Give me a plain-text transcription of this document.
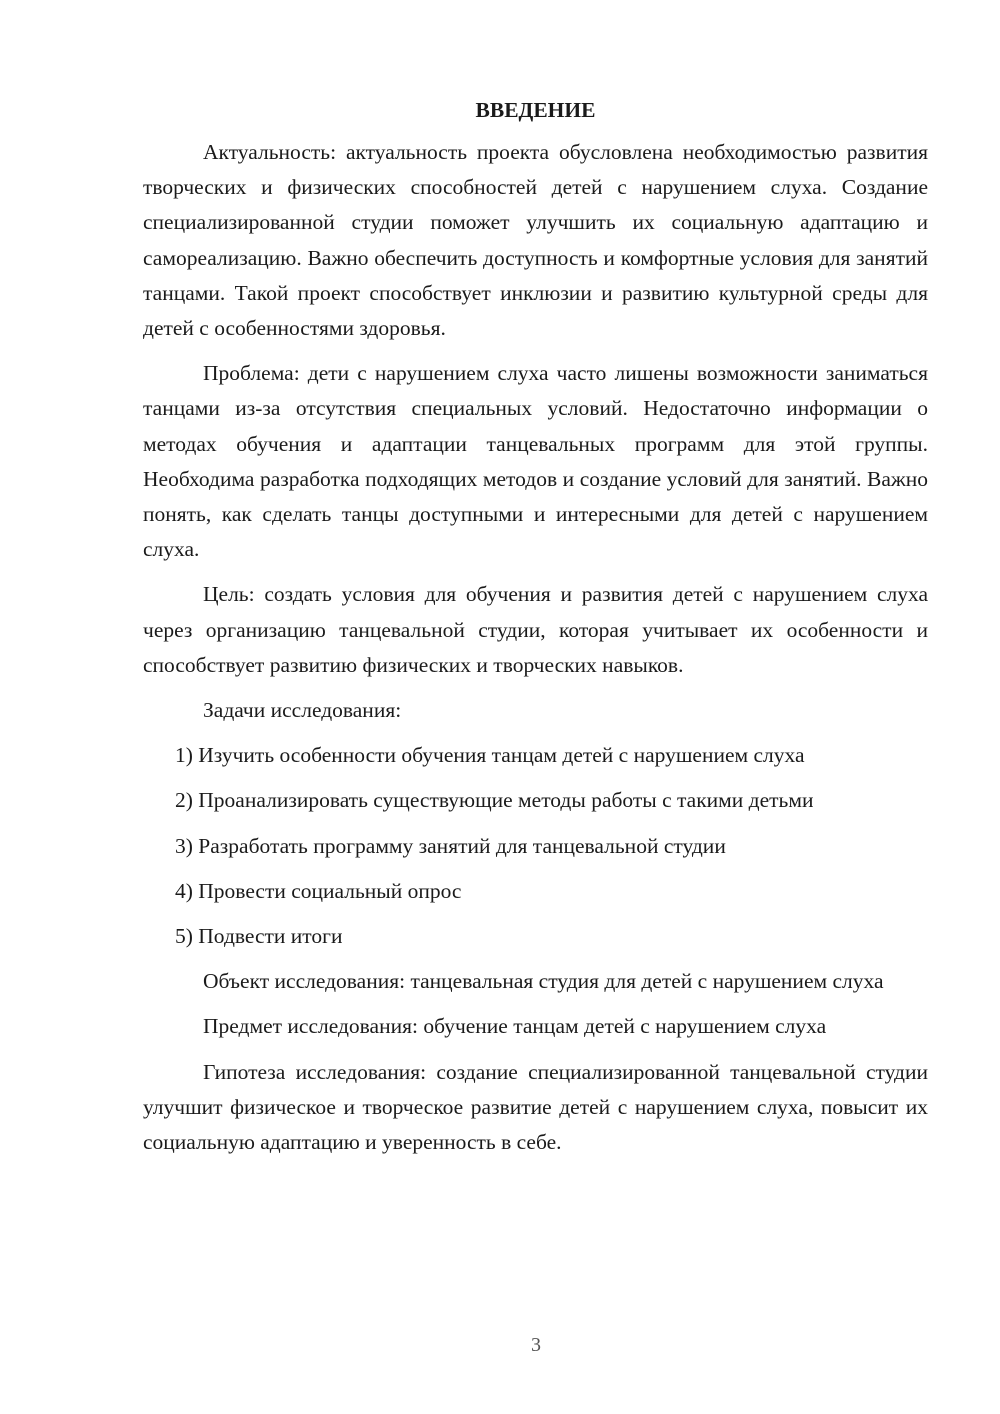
ВВЕДЕНИЕ

Актуальность: актуальность проекта обусловлена необходимостью развития творческих и физических способностей детей с нарушением слуха. Создание специализированной студии поможет улучшить их социальную адаптацию и самореализацию. Важно обеспечить доступность и комфортные условия для занятий танцами. Такой проект способствует инклюзии и развитию культурной среды для детей с особенностями здоровья.

Проблема: дети с нарушением слуха часто лишены возможности заниматься танцами из-за отсутствия специальных условий. Недостаточно информации о методах обучения и адаптации танцевальных программ для этой группы. Необходима разработка подходящих методов и создание условий для занятий. Важно понять, как сделать танцы доступными и интересными для детей с нарушением слуха.

Цель: создать условия для обучения и развития детей с нарушением слуха через организацию танцевальной студии, которая учитывает их особенности и способствует развитию физических и творческих навыков.

Задачи исследования:

1) Изучить особенности обучения танцам детей с нарушением слуха

2) Проанализировать существующие методы работы с такими детьми

3) Разработать программу занятий для танцевальной студии

4) Провести социальный опрос

5) Подвести итоги

Объект исследования: танцевальная студия для детей с нарушением слуха

Предмет исследования: обучение танцам детей с нарушением слуха

Гипотеза исследования: создание специализированной танцевальной студии улучшит физическое и творческое развитие детей с нарушением слуха, повысит их социальную адаптацию и уверенность в себе.

3
